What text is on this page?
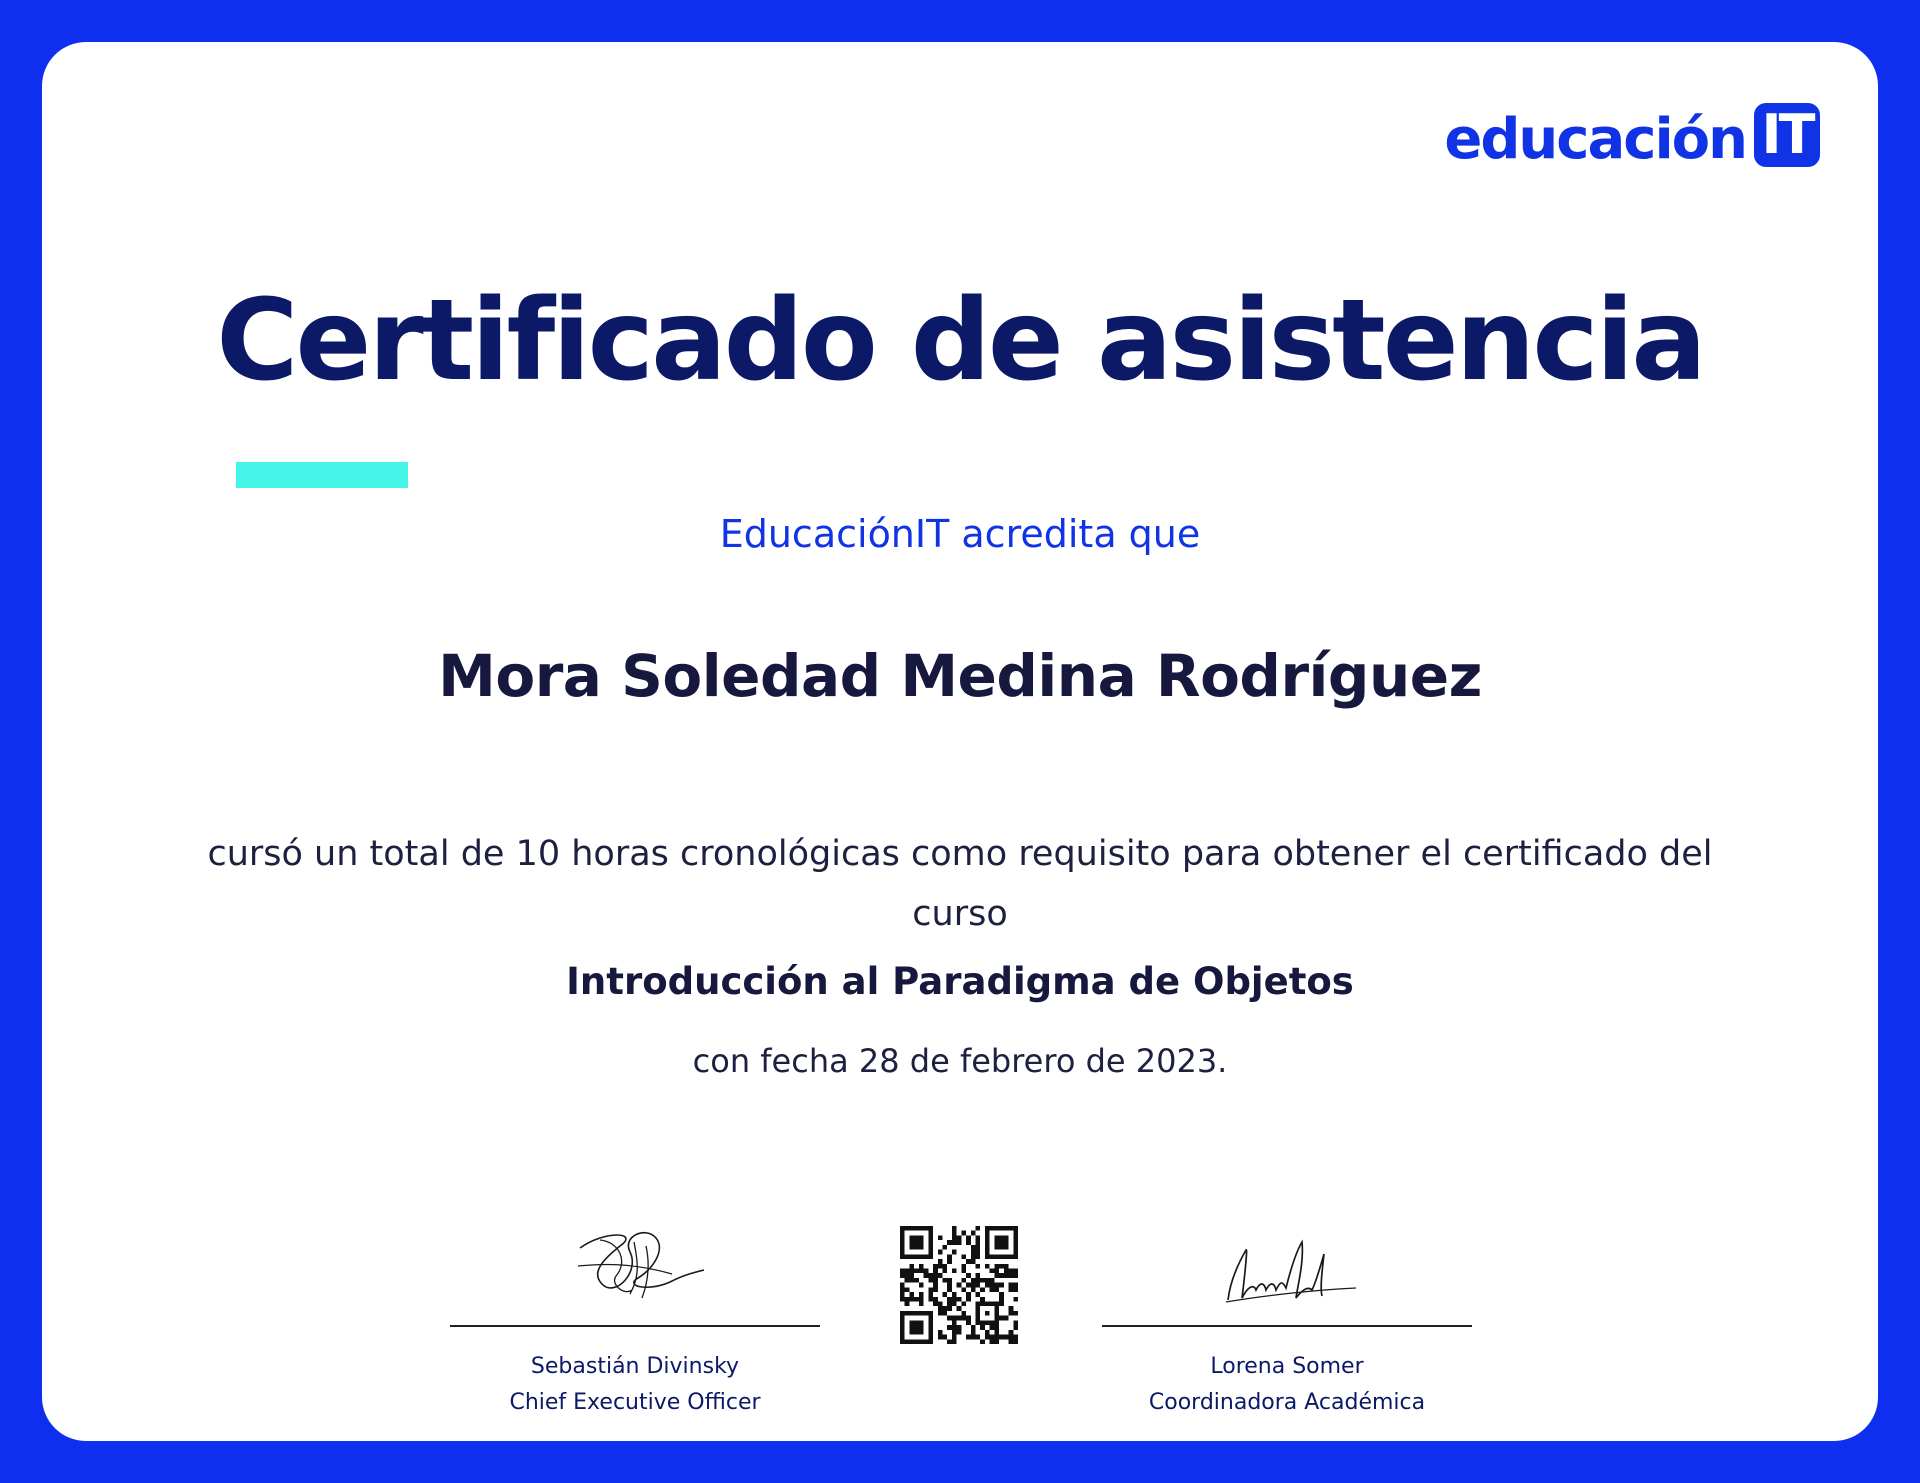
educación IT
Certificado de asistencia
EducaciónIT acredita que
Mora Soledad Medina Rodríguez
cursó un total de 10 horas cronológicas como requisito para obtener el certificado del curso
Introducción al Paradigma de Objetos
con fecha 28 de febrero de 2023.
Sebastián Divinsky
Chief Executive Officer
Lorena Somer
Coordinadora Académica
